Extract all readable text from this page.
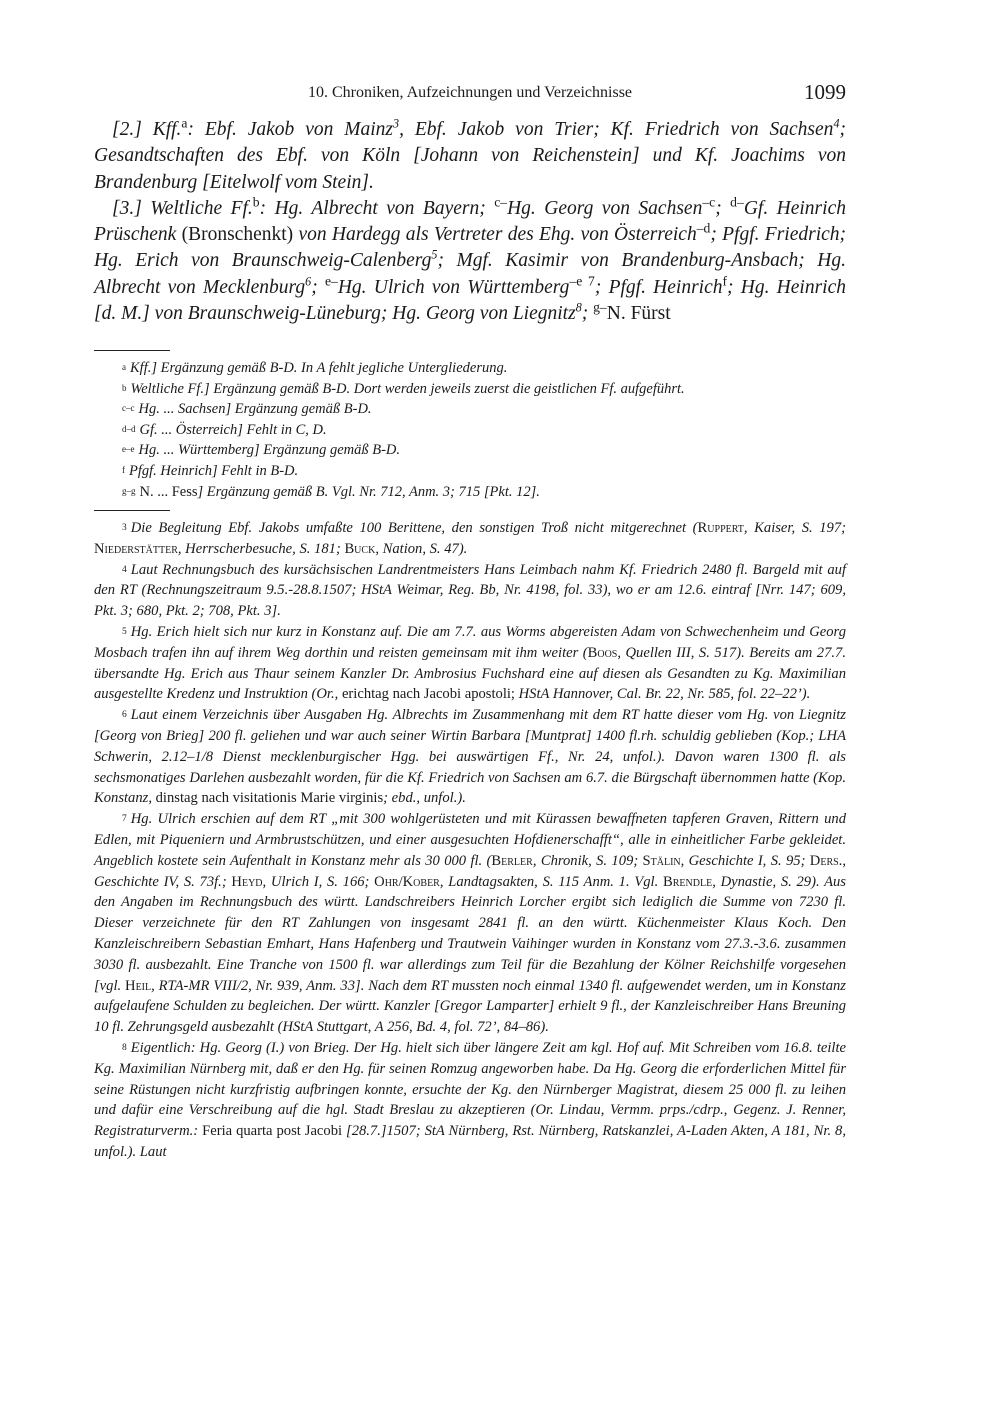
10. Chroniken, Aufzeichnungen und Verzeichnisse	1099

[2.] Kff.$^a$: Ebf. Jakob von Mainz$^3$, Ebf. Jakob von Trier; Kf. Friedrich von Sachsen$^4$; Gesandtschaften des Ebf. von Köln [Johann von Reichenstein] und Kf. Joachims von Brandenburg [Eitelwolf vom Stein].

[3.] Weltliche Ff.$^b$: Hg. Albrecht von Bayern; $^{c-}$Hg. Georg von Sachsen$^{-c}$; $^{d-}$Gf. Heinrich Prüschenk (Bronschenkt) von Hardegg als Vertreter des Ehg. von Österreich$^{-d}$; Pfgf. Friedrich; Hg. Erich von Braunschweig-Calenberg$^5$; Mgf. Kasimir von Brandenburg-Ansbach; Hg. Albrecht von Mecklenburg$^6$; $^{e-}$Hg. Ulrich von Württemberg$^{-e 7}$; Pfgf. Heinrich$^f$; Hg. Heinrich [d. M.] von Braunschweig-Lüneburg; Hg. Georg von Liegnitz$^8$; $^{g-}$N. Fürst

a Kff.] Ergänzung gemäß B-D. In A fehlt jegliche Untergliederung.
b Weltliche Ff.] Ergänzung gemäß B-D. Dort werden jeweils zuerst die geistlichen Ff. aufgeführt.
c–c Hg. ... Sachsen] Ergänzung gemäß B-D.
d–d Gf. ... Österreich] Fehlt in C, D.
e–e Hg. ... Württemberg] Ergänzung gemäß B-D.
f Pfgf. Heinrich] Fehlt in B-D.
g–g N. ... Fess] Ergänzung gemäß B. Vgl. Nr. 712, Anm. 3; 715 [Pkt. 12].

3 Die Begleitung Ebf. Jakobs umfaßte 100 Berittene, den sonstigen Troß nicht mitgerechnet (Ruppert, Kaiser, S. 197; Niederstätter, Herrscherbesuche, S. 181; Buck, Nation, S. 47).

4 Laut Rechnungsbuch des kursächsischen Landrentmeisters Hans Leimbach nahm Kf. Friedrich 2480 fl. Bargeld mit auf den RT (Rechnungszeitraum 9.5.-28.8.1507; HStA Weimar, Reg. Bb, Nr. 4198, fol. 33), wo er am 12.6. eintraf [Nrr. 147; 609, Pkt. 3; 680, Pkt. 2; 708, Pkt. 3].

5 Hg. Erich hielt sich nur kurz in Konstanz auf. Die am 7.7. aus Worms abgereisten Adam von Schwechenheim und Georg Mosbach trafen ihn auf ihrem Weg dorthin und reisten gemeinsam mit ihm weiter (Boos, Quellen III, S. 517). Bereits am 27.7. übersandte Hg. Erich aus Thaur seinem Kanzler Dr. Ambrosius Fuchshard eine auf diesen als Gesandten zu Kg. Maximilian ausgestellte Kredenz und Instruktion (Or., erichtag nach Jacobi apostoli; HStA Hannover, Cal. Br. 22, Nr. 585, fol. 22–22’).

6 Laut einem Verzeichnis über Ausgaben Hg. Albrechts im Zusammenhang mit dem RT hatte dieser vom Hg. von Liegnitz [Georg von Brieg] 200 fl. geliehen und war auch seiner Wirtin Barbara [Muntprat] 1400 fl.rh. schuldig geblieben (Kop.; LHA Schwerin, 2.12–1/8 Dienst mecklenburgischer Hgg. bei auswärtigen Ff., Nr. 24, unfol.). Davon waren 1300 fl. als sechsmonatiges Darlehen ausbezahlt worden, für die Kf. Friedrich von Sachsen am 6.7. die Bürgschaft übernommen hatte (Kop. Konstanz, dinstag nach visitationis Marie virginis; ebd., unfol.).

7 Hg. Ulrich erschien auf dem RT „mit 300 wohlgerüsteten und mit Kürassen bewaffneten tapferen Graven, Rittern und Edlen, mit Piqueniern und Armbrustschützen, und einer ausgesuchten Hofdienerschafft“, alle in einheitlicher Farbe gekleidet. Angeblich kostete sein Aufenthalt in Konstanz mehr als 30 000 fl. (Berler, Chronik, S. 109; Stälin, Geschichte I, S. 95; Ders., Geschichte IV, S. 73f.; Heyd, Ulrich I, S. 166; Ohr/Kober, Landtagsakten, S. 115 Anm. 1. Vgl. Brendle, Dynastie, S. 29). Aus den Angaben im Rechnungsbuch des württ. Landschreibers Heinrich Lorcher ergibt sich lediglich die Summe von 7230 fl. Dieser verzeichnete für den RT Zahlungen von insgesamt 2841 fl. an den württ. Küchenmeister Klaus Koch. Den Kanzleischreibern Sebastian Emhart, Hans Hafenberg und Trautwein Vaihinger wurden in Konstanz vom 27.3.-3.6. zusammen 3030 fl. ausbezahlt. Eine Tranche von 1500 fl. war allerdings zum Teil für die Bezahlung der Kölner Reichshilfe vorgesehen [vgl. Heil, RTA-MR VIII/2, Nr. 939, Anm. 33]. Nach dem RT mussten noch einmal 1340 fl. aufgewendet werden, um in Konstanz aufgelaufene Schulden zu begleichen. Der württ. Kanzler [Gregor Lamparter] erhielt 9 fl., der Kanzleischreiber Hans Breuning 10 fl. Zehrungsgeld ausbezahlt (HStA Stuttgart, A 256, Bd. 4, fol. 72’, 84–86).

8 Eigentlich: Hg. Georg (I.) von Brieg. Der Hg. hielt sich über längere Zeit am kgl. Hof auf. Mit Schreiben vom 16.8. teilte Kg. Maximilian Nürnberg mit, daß er den Hg. für seinen Romzug angeworben habe. Da Hg. Georg die erforderlichen Mittel für seine Rüstungen nicht kurzfristig aufbringen konnte, ersuchte der Kg. den Nürnberger Magistrat, diesem 25 000 fl. zu leihen und dafür eine Verschreibung auf die hgl. Stadt Breslau zu akzeptieren (Or. Lindau, Vermm. prps./cdrp., Gegenz. J. Renner, Registraturverm.: Feria quarta post Jacobi [28.7.]1507; StA Nürnberg, Rst. Nürnberg, Ratskanzlei, A-Laden Akten, A 181, Nr. 8, unfol.). Laut
